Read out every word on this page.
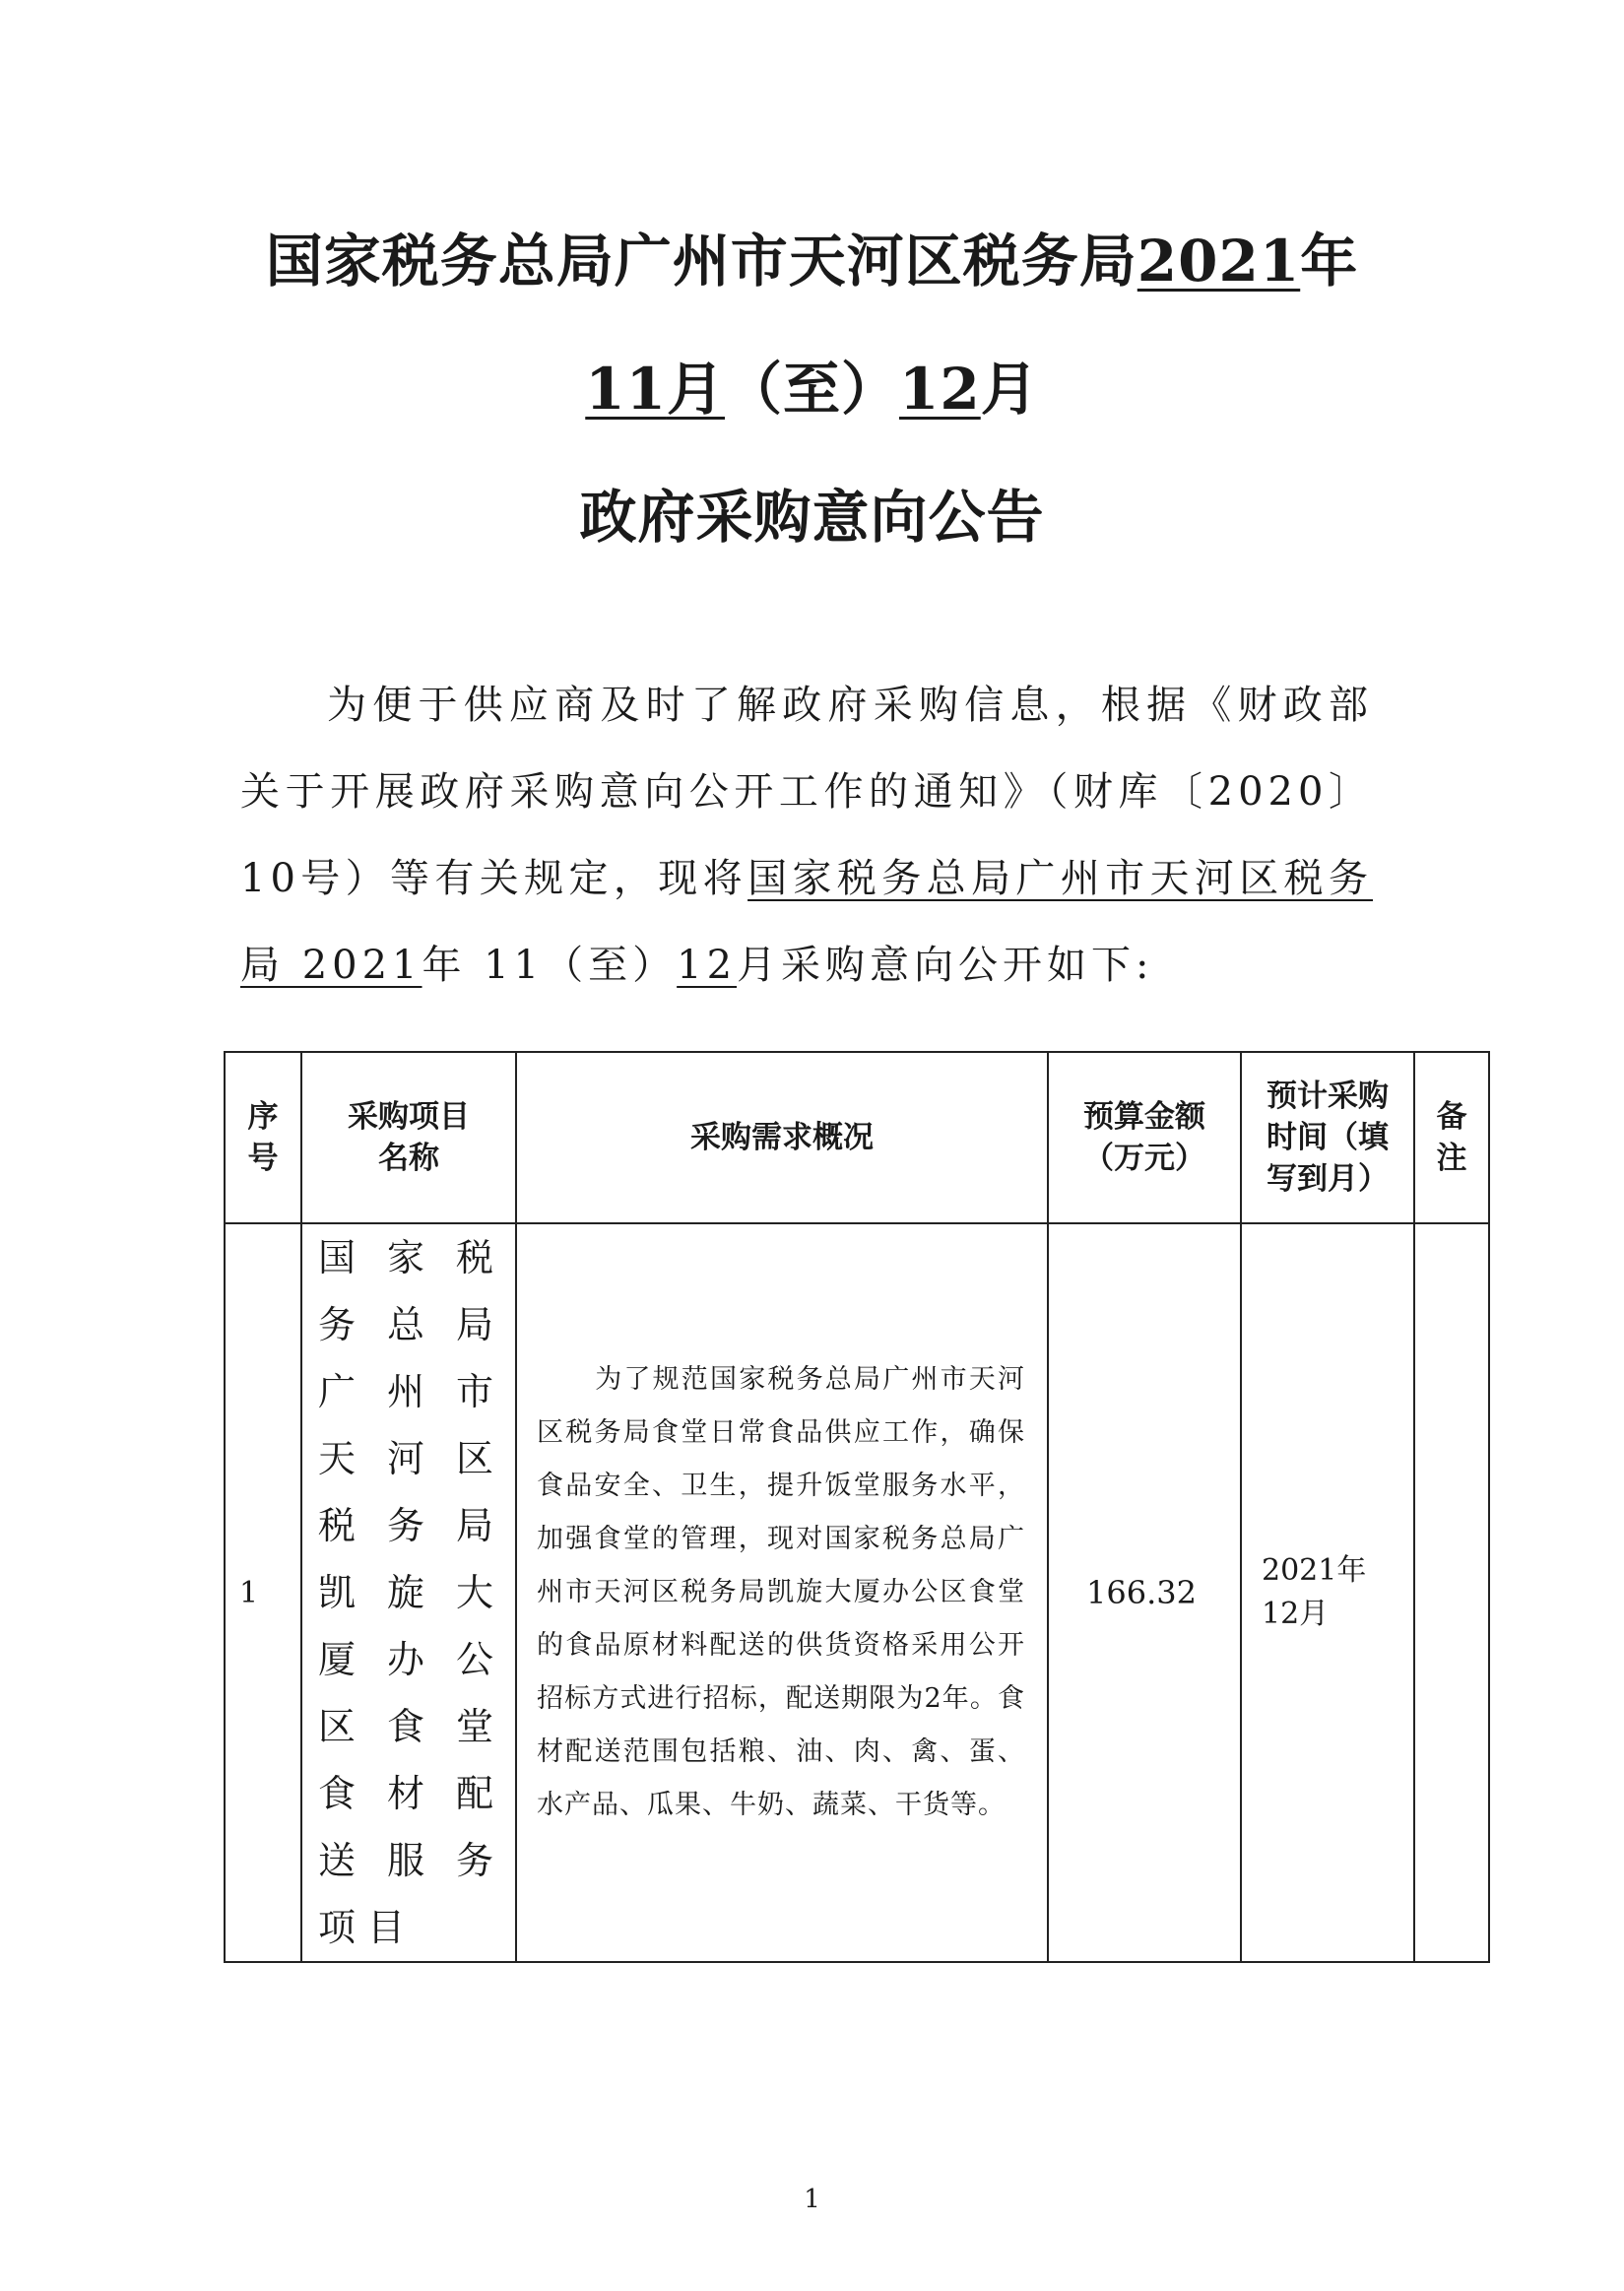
国家税务总局广州市天河区税务局2021年
11月（至）12月
政府采购意向公告
为便于供应商及时了解政府采购信息，根据《财政部关于开展政府采购意向公开工作的通知》（财库〔2020〕10号）等有关规定，现将国家税务总局广州市天河区税务局 2021年 11（至）12月采购意向公开如下:
序号	采购项目名称	采购需求概况	预算金额（万元）	预计采购时间（填写到月）	备注

1	国家税务总局广州市天河区税务局凯旋大厦办公区食堂食材配送服务项目	为了规范国家税务总局广州市天河区税务局食堂日常食品供应工作，确保食品安全、卫生，提升饭堂服务水平，加强食堂的管理，现对国家税务总局广州市天河区税务局凯旋大厦办公区食堂的食品原材料配送的供货资格采用公开招标方式进行招标，配送期限为2年。食材配送范围包括粮、油、肉、禽、蛋、水产品、瓜果、牛奶、蔬菜、干货等。	166.32	2021年12月	
1
